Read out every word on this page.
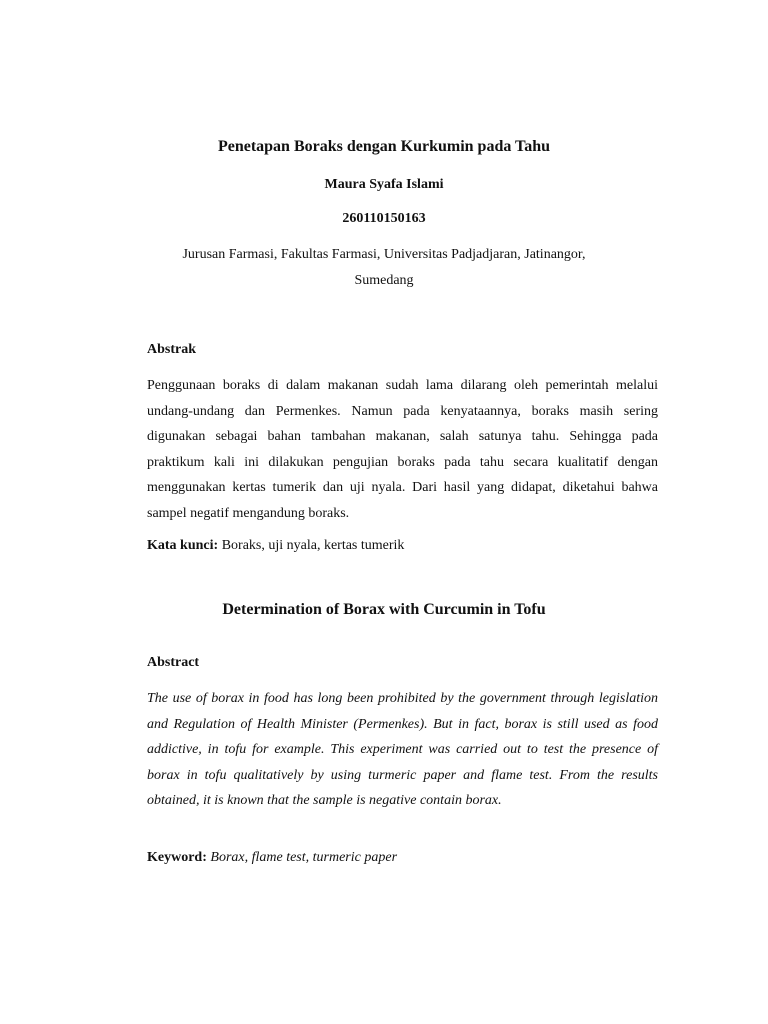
Penetapan Boraks dengan Kurkumin pada Tahu
Maura Syafa Islami
260110150163
Jurusan Farmasi, Fakultas Farmasi, Universitas Padjadjaran, Jatinangor,
Sumedang
Abstrak
Penggunaan boraks di dalam makanan sudah lama dilarang oleh pemerintah melalui undang-undang dan Permenkes. Namun pada kenyataannya, boraks masih sering digunakan sebagai bahan tambahan makanan, salah satunya tahu. Sehingga pada praktikum kali ini dilakukan pengujian boraks pada tahu secara kualitatif dengan menggunakan kertas tumerik dan uji nyala. Dari hasil yang didapat, diketahui bahwa sampel negatif mengandung boraks.
Kata kunci: Boraks, uji nyala, kertas tumerik
Determination of Borax with Curcumin in Tofu
Abstract
The use of borax in food has long been prohibited by the government through legislation and Regulation of Health Minister (Permenkes). But in fact, borax is still used as food addictive, in tofu for example. This experiment was carried out to test the presence of borax in tofu qualitatively by using turmeric paper and flame test. From the results obtained, it is known that the sample is negative contain borax.
Keyword: Borax, flame test, turmeric paper
